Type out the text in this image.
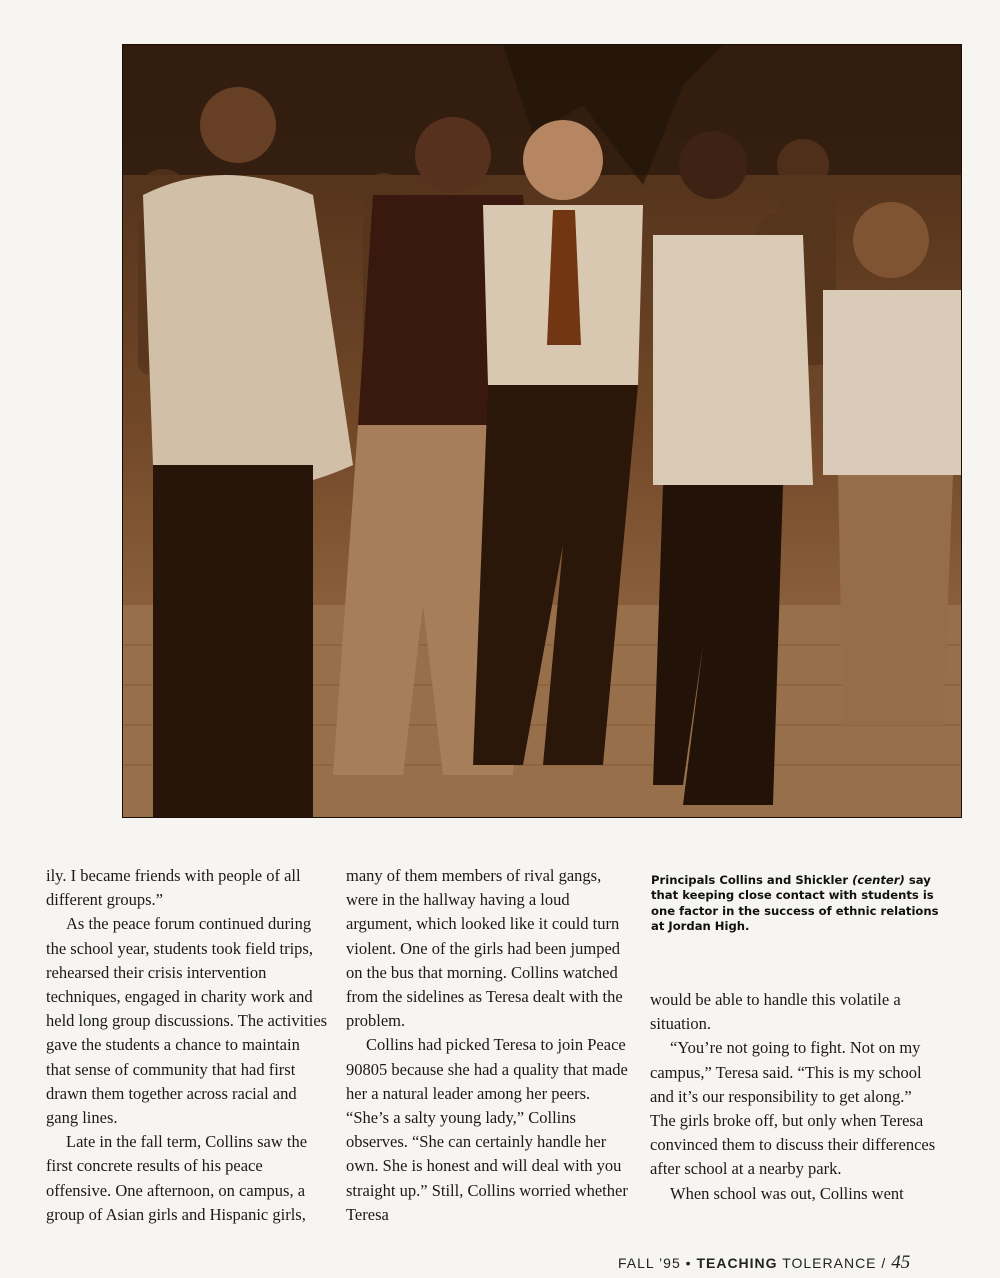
ily. I became friends with people of all different groups.”

As the peace forum continued during the school year, students took field trips, rehearsed their crisis intervention techniques, engaged in charity work and held long group discussions. The activities gave the students a chance to maintain that sense of community that had first drawn them together across racial and gang lines.

Late in the fall term, Collins saw the first concrete results of his peace offensive. One afternoon, on campus, a group of Asian girls and Hispanic girls,

many of them members of rival gangs, were in the hallway having a loud argument, which looked like it could turn violent. One of the girls had been jumped on the bus that morning. Collins watched from the sidelines as Teresa dealt with the problem.

Collins had picked Teresa to join Peace 90805 because she had a quality that made her a natural leader among her peers. “She’s a salty young lady,” Collins observes. “She can certainly handle her own. She is honest and will deal with you straight up.” Still, Collins worried whether Teresa

Principals Collins and Shickler (center) say that keeping close contact with students is one factor in the success of ethnic relations at Jordan High.

would be able to handle this volatile a situation.

“You’re not going to fight. Not on my campus,” Teresa said. “This is my school and it’s our responsibility to get along.” The girls broke off, but only when Teresa convinced them to discuss their differences after school at a nearby park.

When school was out, Collins went

FALL ’95 • TEACHING TOLERANCE / 45
